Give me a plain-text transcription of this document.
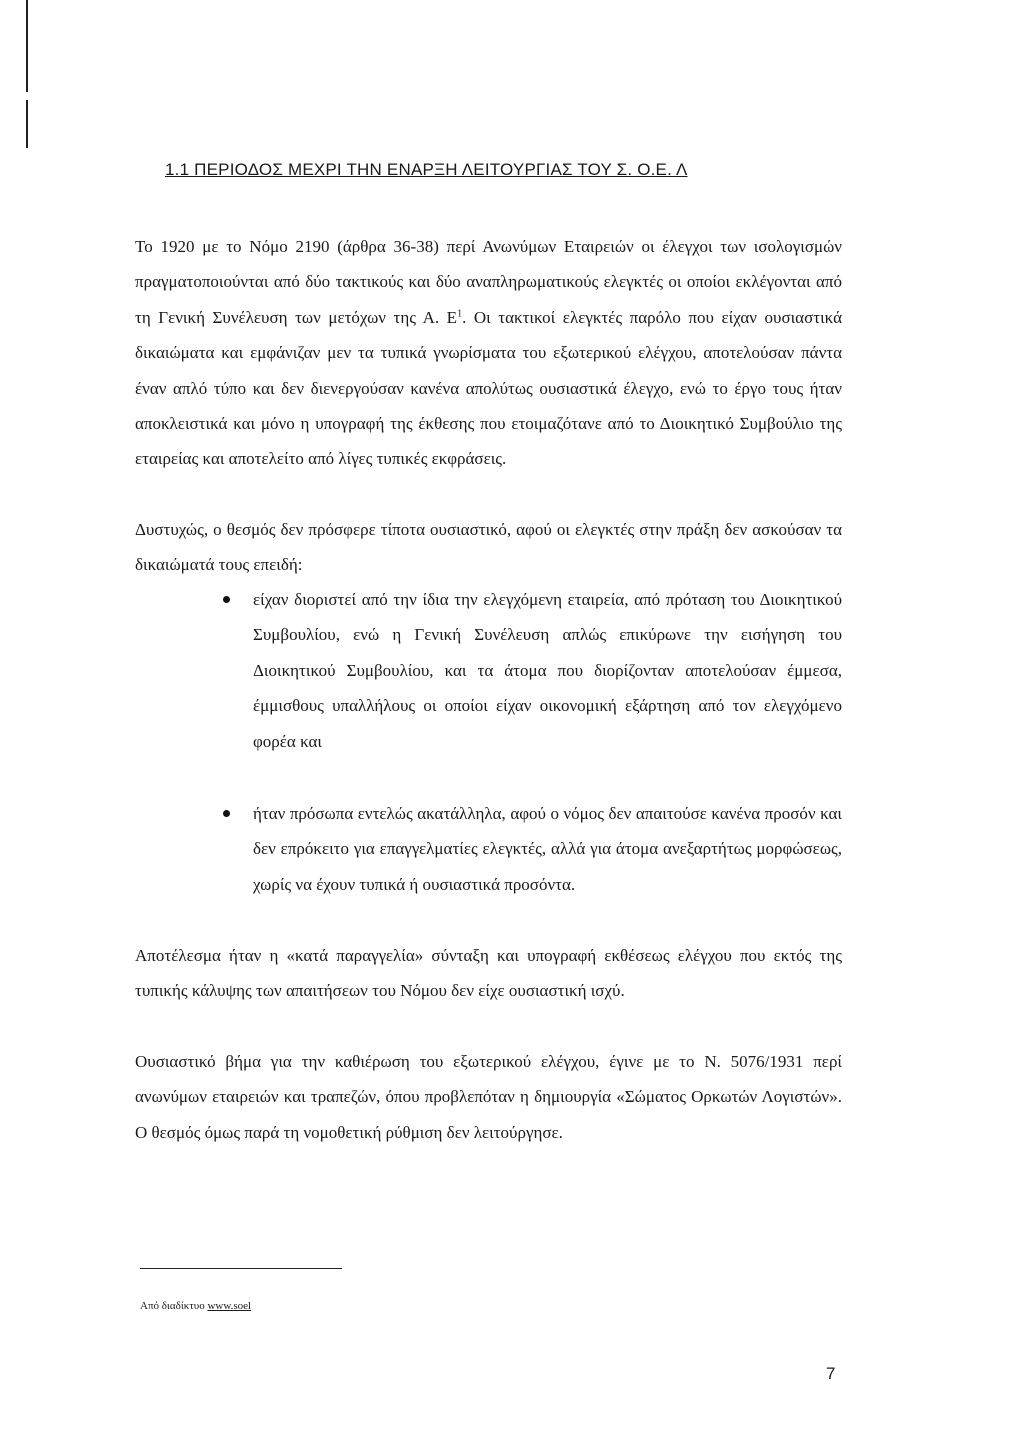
1.1 ΠΕΡΙΟΔΟΣ ΜΕΧΡΙ ΤΗΝ ΕΝΑΡΞΗ ΛΕΙΤΟΥΡΓΙΑΣ ΤΟΥ Σ. Ο.Ε. Λ

Το 1920 με το Νόμο 2190 (άρθρα 36-38) περί Ανωνύμων Εταιρειών οι έλεγχοι των ισολογισμών πραγματοποιούνται από δύο τακτικούς και δύο αναπληρωματικούς ελεγκτές οι οποίοι εκλέγονται από τη Γενική Συνέλευση των μετόχων της Α. $E^1$. Οι τακτικοί ελεγκτές παρόλο που είχαν ουσιαστικά δικαιώματα και εμφάνιζαν μεν τα τυπικά γνωρίσματα του εξωτερικού ελέγχου, αποτελούσαν πάντα έναν απλό τύπο και δεν διενεργούσαν κανένα απολύτως ουσιαστικά έλεγχο, ενώ το έργο τους ήταν αποκλειστικά και μόνο η υπογραφή της έκθεσης που ετοιμαζότανε από το Διοικητικό Συμβούλιο της εταιρείας και αποτελείτο από λίγες τυπικές εκφράσεις.

Δυστυχώς, ο θεσμός δεν πρόσφερε τίποτα ουσιαστικό, αφού οι ελεγκτές στην πράξη δεν ασκούσαν τα δικαιώματά τους επειδή:

είχαν διοριστεί από την ίδια την ελεγχόμενη εταιρεία, από πρόταση του Διοικητικού Συμβουλίου, ενώ η Γενική Συνέλευση απλώς επικύρωνε την εισήγηση του Διοικητικού Συμβουλίου, και τα άτομα που διορίζονταν αποτελούσαν έμμεσα, έμμισθους υπαλλήλους οι οποίοι είχαν οικονομική εξάρτηση από τον ελεγχόμενο φορέα και
ήταν πρόσωπα εντελώς ακατάλληλα, αφού ο νόμος δεν απαιτούσε κανένα προσόν και δεν επρόκειτο για επαγγελματίες ελεγκτές, αλλά για άτομα ανεξαρτήτως μορφώσεως, χωρίς να έχουν τυπικά ή ουσιαστικά προσόντα.

Αποτέλεσμα ήταν η «κατά παραγγελία» σύνταξη και υπογραφή εκθέσεως ελέγχου που εκτός της τυπικής κάλυψης των απαιτήσεων του Νόμου δεν είχε ουσιαστική ισχύ.

Ουσιαστικό βήμα για την καθιέρωση του εξωτερικού ελέγχου, έγινε με το Ν. 5076/1931 περί ανωνύμων εταιρειών και τραπεζών, όπου προβλεπόταν η δημιουργία «Σώματος Ορκωτών Λογιστών». Ο θεσμός όμως παρά τη νομοθετική ρύθμιση δεν λειτούργησε.

Από διαδίκτυο www.soel

7
